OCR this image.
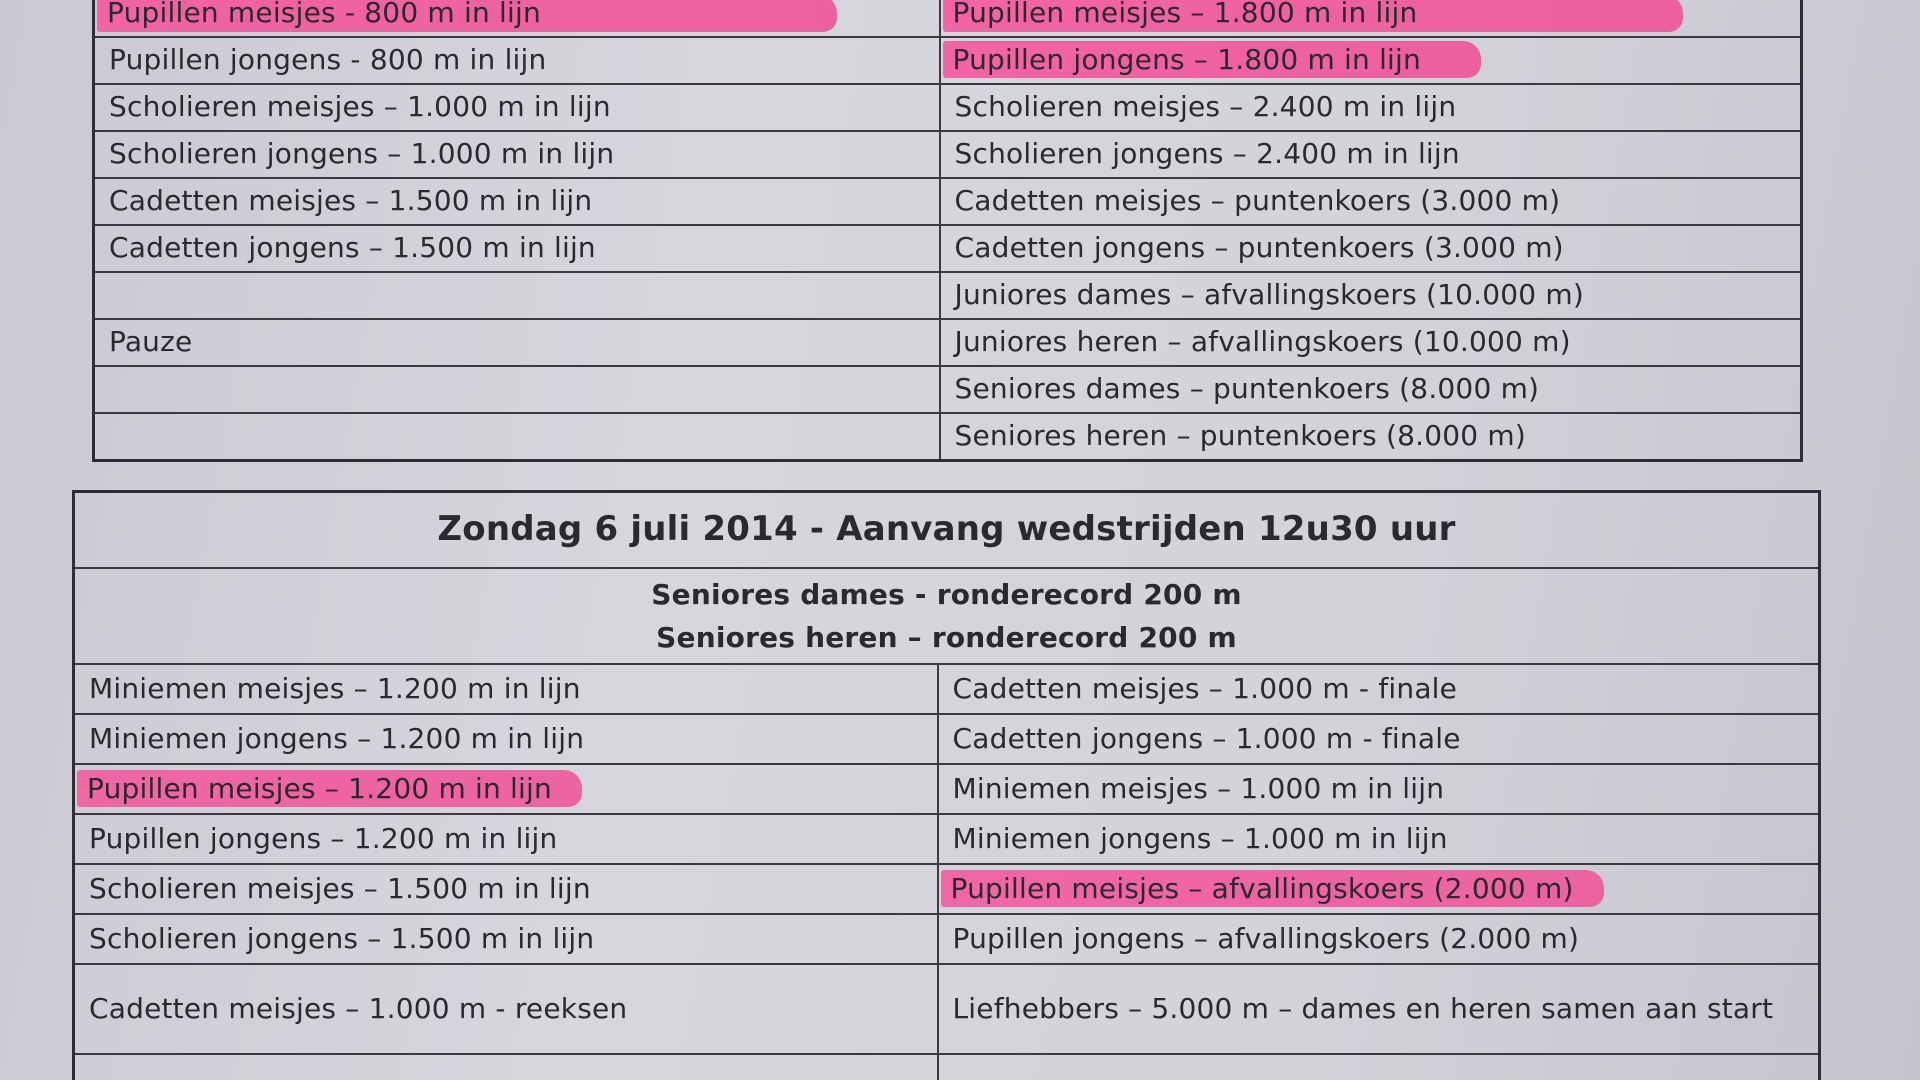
Pupillen meisjes - 800 m in lijn	Pupillen meisjes – 1.800 m in lijn
Pupillen jongens - 800 m in lijn	Pupillen jongens – 1.800 m in lijn
Scholieren meisjes – 1.000 m in lijn	Scholieren meisjes – 2.400 m in lijn
Scholieren jongens – 1.000 m in lijn	Scholieren jongens – 2.400 m in lijn
Cadetten meisjes – 1.500 m in lijn	Cadetten meisjes – puntenkoers (3.000 m)
Cadetten jongens – 1.500 m in lijn	Cadetten jongens – puntenkoers (3.000 m)
	Juniores dames – afvallingskoers (10.000 m)
Pauze	Juniores heren – afvallingskoers (10.000 m)
	Seniores dames – puntenkoers (8.000 m)
	Seniores heren – puntenkoers (8.000 m)
Zondag 6 juli 2014 - Aanvang wedstrijden 12u30 uur	

Seniores dames - ronderecord 200 m
Seniores heren – ronderecord 200 m	

Miniemen meisjes – 1.200 m in lijn	Cadetten meisjes – 1.000 m - finale
Miniemen jongens – 1.200 m in lijn	Cadetten jongens – 1.000 m - finale
Pupillen meisjes – 1.200 m in lijn	Miniemen meisjes – 1.000 m in lijn
Pupillen jongens – 1.200 m in lijn	Miniemen jongens – 1.000 m in lijn
Scholieren meisjes – 1.500 m in lijn	Pupillen meisjes – afvallingskoers (2.000 m)
Scholieren jongens – 1.500 m in lijn	Pupillen jongens – afvallingskoers (2.000 m)
Cadetten meisjes – 1.000 m - reeksen	Liefhebbers – 5.000 m – dames en heren samen aan start
